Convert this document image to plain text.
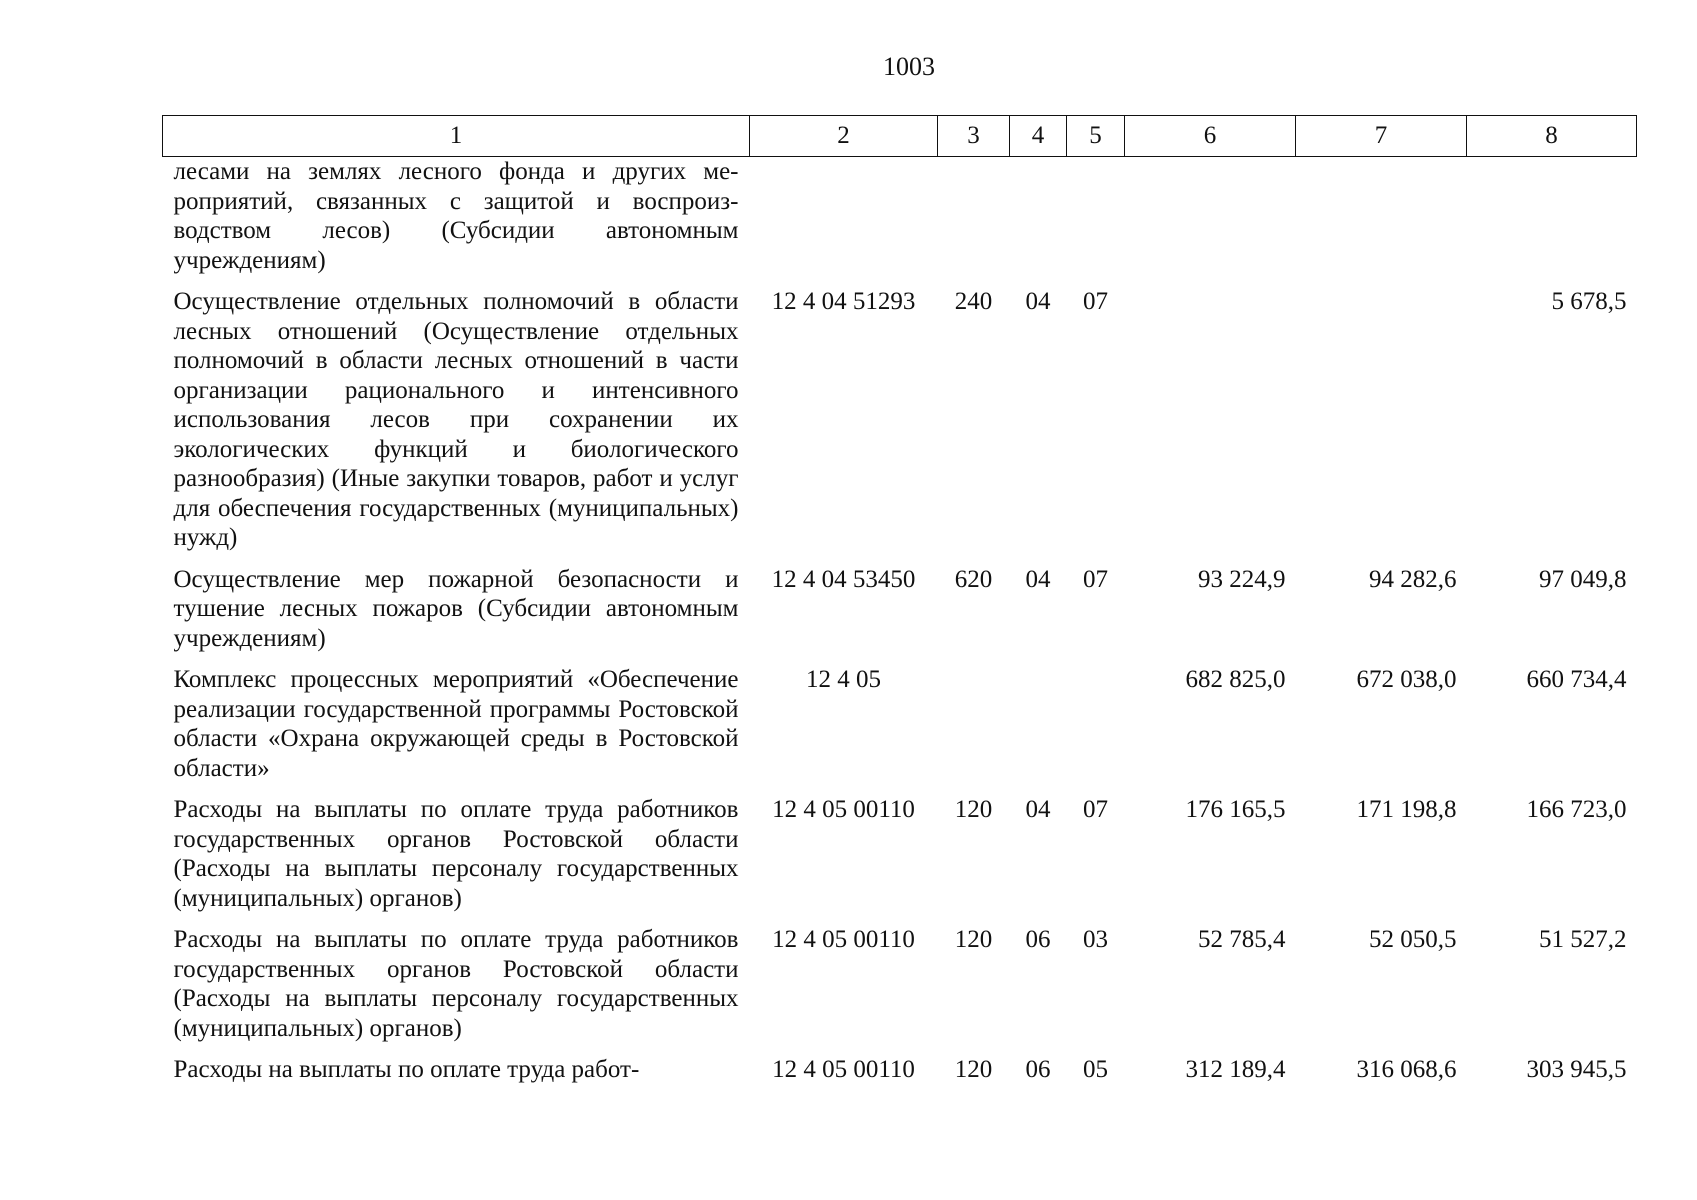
1003
1	2	3	4	5	6	7	8
лесами на землях лесного фонда и других мероприятий, связанных с защитой и воспроизводством лесов) (Субсидии автономным учреждениям)							
Осуществление отдельных полномочий в области лесных отношений (Осуществление отдельных полномочий в области лесных отношений в части организации рационального и интенсивного использования лесов при сохранении их экологических функций и биологического разнообразия) (Иные закупки товаров, работ и услуг для обеспечения государственных (муниципальных) нужд)	12 4 04 51293	240	04	07			5 678,5
Осуществление мер пожарной безопасности и тушение лесных пожаров (Субсидии автономным учреждениям)	12 4 04 53450	620	04	07	93 224,9	94 282,6	97 049,8
Комплекс процессных мероприятий «Обеспечение реализации государственной программы Ростовской области «Охрана окружающей среды в Ростовской области»	12 4 05				682 825,0	672 038,0	660 734,4
Расходы на выплаты по оплате труда работников государственных органов Ростовской области (Расходы на выплаты персоналу государственных (муниципальных) органов)	12 4 05 00110	120	04	07	176 165,5	171 198,8	166 723,0
Расходы на выплаты по оплате труда работников государственных органов Ростовской области (Расходы на выплаты персоналу государственных (муниципальных) органов)	12 4 05 00110	120	06	03	52 785,4	52 050,5	51 527,2
Расходы на выплаты по оплате труда работ-	12 4 05 00110	120	06	05	312 189,4	316 068,6	303 945,5
